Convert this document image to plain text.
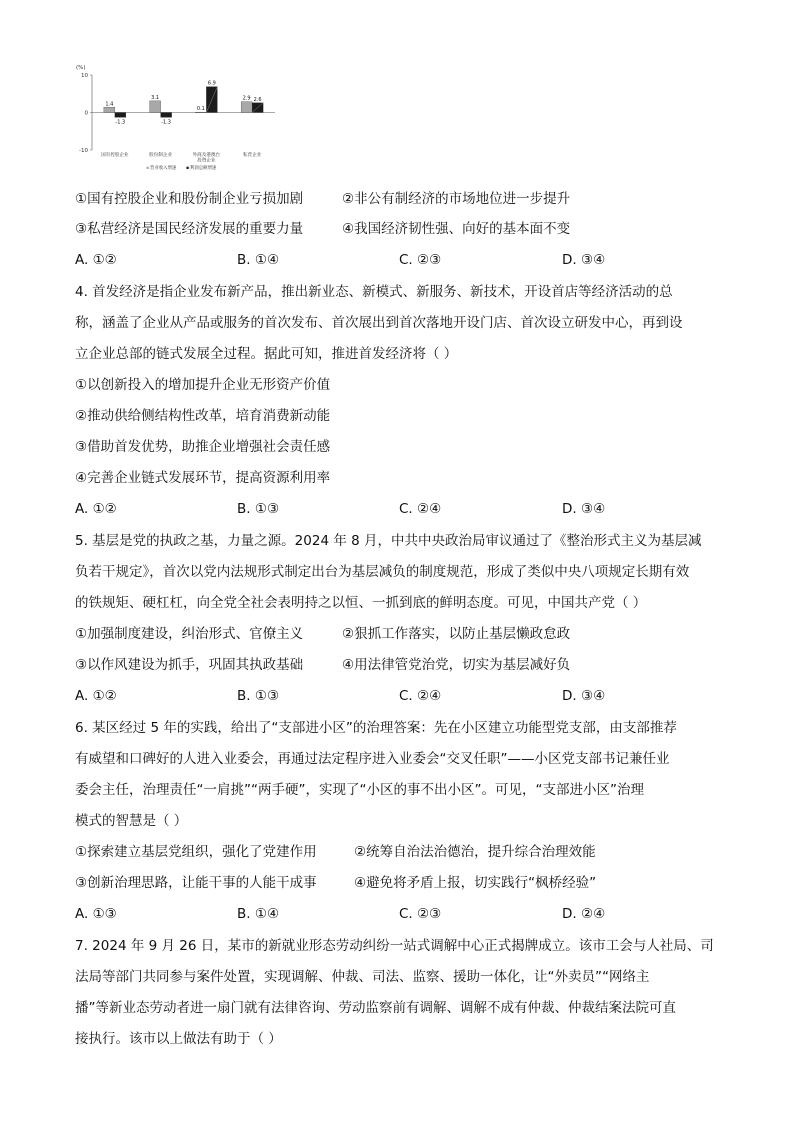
(%)
10
0
-10
1.4
-1.3
国有控股企业
3.1
-1.3
股份制企业
0.1
6.9
外商及港澳台
投资企业
2.9 2.6
私营企业
▪ 营业收入增速 ▪ 利润总额增速
①国有控股企业和股份制企业亏损加剧	②非公有制经济的市场地位进一步提升
③私营经济是国民经济发展的重要力量	④我国经济韧性强、向好的基本面不变
A. ①②	B. ①④	C. ②③	D. ③④
4. 首发经济是指企业发布新产品，推出新业态、新模式、新服务、新技术，开设首店等经济活动的总
称，涵盖了企业从产品或服务的首次发布、首次展出到首次落地开设门店、首次设立研发中心，再到设
立企业总部的链式发展全过程。据此可知，推进首发经济将（ ）
①以创新投入的增加提升企业无形资产价值
②推动供给侧结构性改革，培育消费新动能
③借助首发优势，助推企业增强社会责任感
④完善企业链式发展环节，提高资源利用率
A. ①②	B. ①③	C. ②④	D. ③④
5. 基层是党的执政之基，力量之源。2024 年 8 月，中共中央政治局审议通过了《整治形式主义为基层减
负若干规定》，首次以党内法规形式制定出台为基层减负的制度规范，形成了类似中央八项规定长期有效
的铁规矩、硬杠杠，向全党全社会表明持之以恒、一抓到底的鲜明态度。可见，中国共产党（ ）
①加强制度建设，纠治形式、官僚主义	②狠抓工作落实，以防止基层懒政怠政
③以作风建设为抓手，巩固其执政基础	④用法律管党治党，切实为基层减好负
A. ①②	B. ①③	C. ②④	D. ③④
6. 某区经过 5 年的实践，给出了“支部进小区”的治理答案：先在小区建立功能型党支部，由支部推荐
有威望和口碑好的人进入业委会，再通过法定程序进入业委会“交叉任职”——小区党支部书记兼任业
委会主任，治理责任“一肩挑”“两手硬”，实现了“小区的事不出小区”。可见，“支部进小区”治理
模式的智慧是（ ）
①探索建立基层党组织，强化了党建作用	②统筹自治法治德治，提升综合治理效能
③创新治理思路，让能干事的人能干成事	④避免将矛盾上报，切实践行“枫桥经验”
A. ①③	B. ①④	C. ②③	D. ②④
7. 2024 年 9 月 26 日，某市的新就业形态劳动纠纷一站式调解中心正式揭牌成立。该市工会与人社局、司
法局等部门共同参与案件处置，实现调解、仲裁、司法、监察、援助一体化，让“外卖员”“网络主
播”等新业态劳动者进一扇门就有法律咨询、劳动监察前有调解、调解不成有仲裁、仲裁结案法院可直
接执行。该市以上做法有助于（ ）
